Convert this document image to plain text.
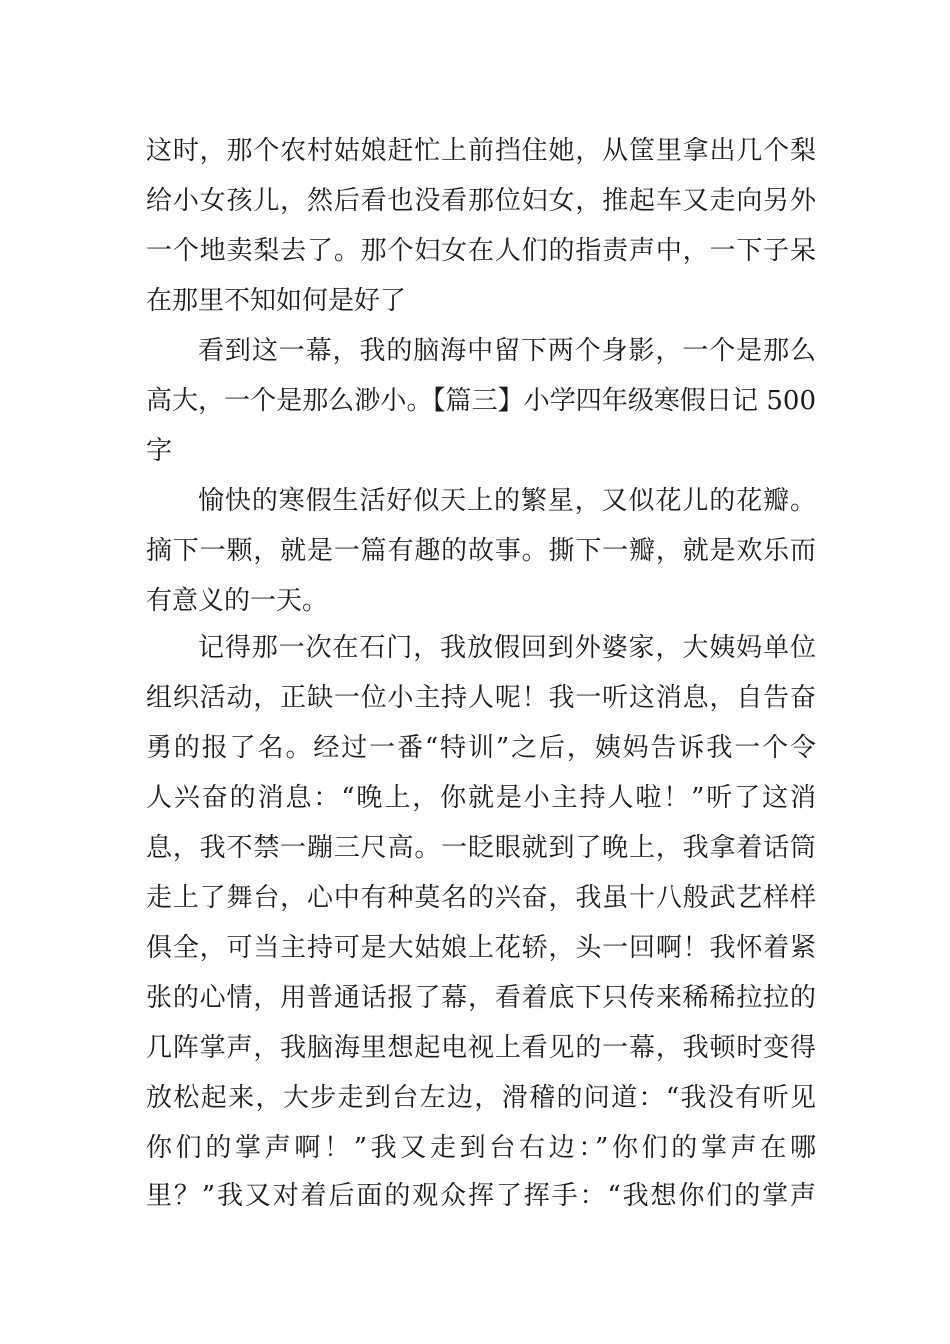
这时，那个农村姑娘赶忙上前挡住她，从筐里拿出几个梨

给小女孩儿，然后看也没看那位妇女，推起车又走向另外

一个地卖梨去了。那个妇女在人们的指责声中，一下子呆

在那里不知如何是好了

看到这一幕，我的脑海中留下两个身影，一个是那么

高大，一个是那么渺小。【篇三】小学四年级寒假日记 500

字

愉快的寒假生活好似天上的繁星，又似花儿的花瓣。

摘下一颗，就是一篇有趣的故事。撕下一瓣，就是欢乐而

有意义的一天。

记得那一次在石门，我放假回到外婆家，大姨妈单位

组织活动，正缺一位小主持人呢！我一听这消息，自告奋

勇的报了名。经过一番“特训”之后，姨妈告诉我一个令

人兴奋的消息：“晚上，你就是小主持人啦！”听了这消

息，我不禁一蹦三尺高。一眨眼就到了晚上，我拿着话筒

走上了舞台，心中有种莫名的兴奋，我虽十八般武艺样样

俱全，可当主持可是大姑娘上花轿，头一回啊！我怀着紧

张的心情，用普通话报了幕，看着底下只传来稀稀拉拉的

几阵掌声，我脑海里想起电视上看见的一幕，我顿时变得

放松起来，大步走到台左边，滑稽的问道：“我没有听见

你们的掌声啊！”我又走到台右边：”你们的掌声在哪

里？”我又对着后面的观众挥了挥手：“我想你们的掌声
